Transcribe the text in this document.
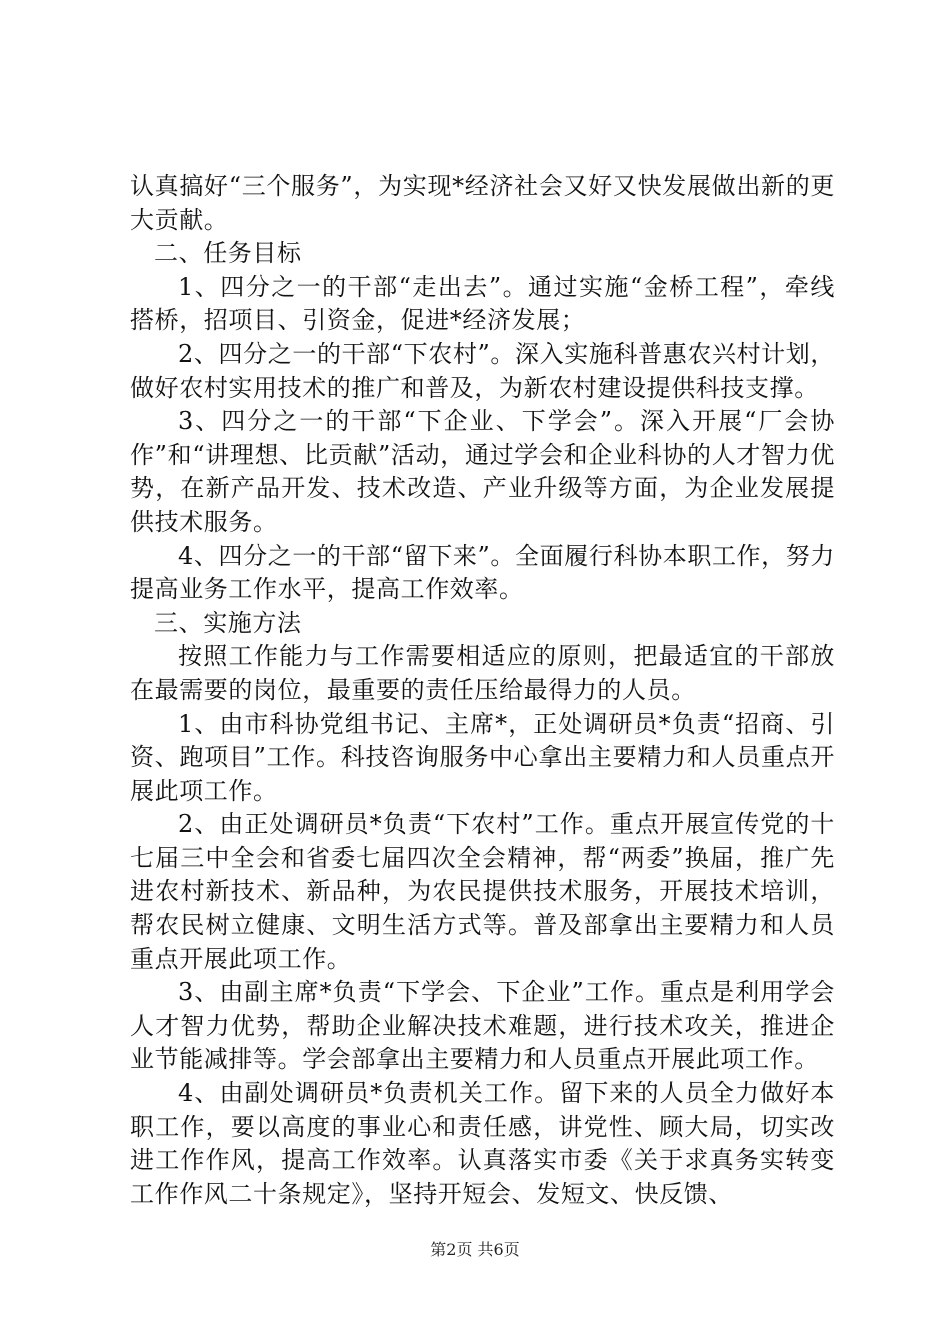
认真搞好“三个服务”，为实现*经济社会又好又快发展做出新的更大贡献。

二、任务目标

1、四分之一的干部“走出去”。通过实施“金桥工程”，牵线搭桥，招项目、引资金，促进*经济发展；

2、四分之一的干部“下农村”。深入实施科普惠农兴村计划，做好农村实用技术的推广和普及，为新农村建设提供科技支撑。

3、四分之一的干部“下企业、下学会”。深入开展“厂会协作”和“讲理想、比贡献”活动，通过学会和企业科协的人才智力优势，在新产品开发、技术改造、产业升级等方面，为企业发展提供技术服务。

4、四分之一的干部“留下来”。全面履行科协本职工作，努力提高业务工作水平，提高工作效率。

三、实施方法

按照工作能力与工作需要相适应的原则，把最适宜的干部放在最需要的岗位，最重要的责任压给最得力的人员。

1、由市科协党组书记、主席*，正处调研员*负责“招商、引资、跑项目”工作。科技咨询服务中心拿出主要精力和人员重点开展此项工作。

2、由正处调研员*负责“下农村”工作。重点开展宣传党的十七届三中全会和省委七届四次全会精神，帮“两委”换届，推广先进农村新技术、新品种，为农民提供技术服务，开展技术培训，帮农民树立健康、文明生活方式等。普及部拿出主要精力和人员重点开展此项工作。

3、由副主席*负责“下学会、下企业”工作。重点是利用学会人才智力优势，帮助企业解决技术难题，进行技术攻关，推进企业节能减排等。学会部拿出主要精力和人员重点开展此项工作。

4、由副处调研员*负责机关工作。留下来的人员全力做好本职工作，要以高度的事业心和责任感，讲党性、顾大局，切实改进工作作风，提高工作效率。认真落实市委《关于求真务实转变工作作风二十条规定》，坚持开短会、发短文、快反馈、

第2页 共6页
